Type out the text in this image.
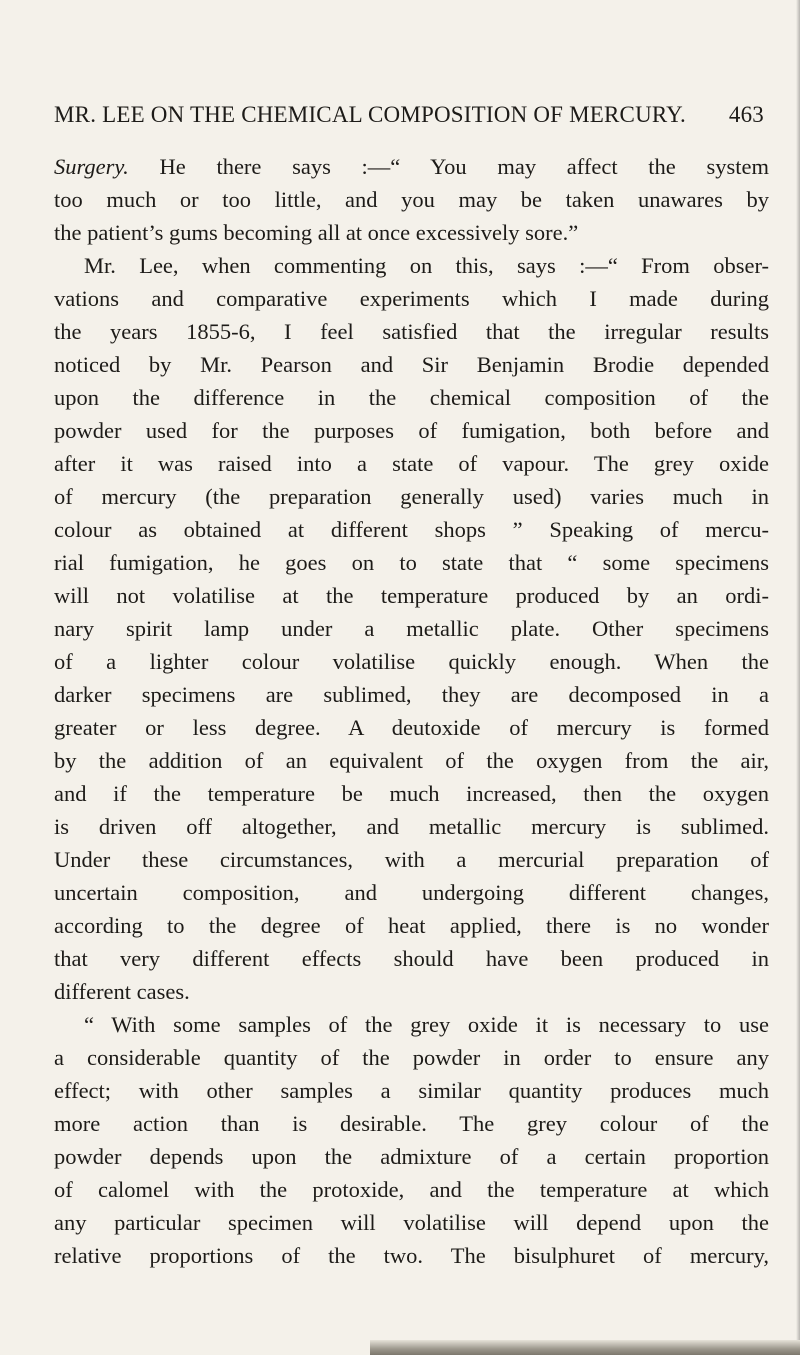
MR. LEE ON THE CHEMICAL COMPOSITION OF MERCURY. 463
Surgery. He there says :—“ You may affect the system
too much or too little, and you may be taken unawares by
the patient’s gums becoming all at once excessively sore.”
Mr. Lee, when commenting on this, says :—“ From obser-
vations and comparative experiments which I made during
the years 1855-6, I feel satisfied that the irregular results
noticed by Mr. Pearson and Sir Benjamin Brodie depended
upon the difference in the chemical composition of the
powder used for the purposes of fumigation, both before and
after it was raised into a state of vapour. The grey oxide
of mercury (the preparation generally used) varies much in
colour as obtained at different shops ” Speaking of mercu-
rial fumigation, he goes on to state that “ some specimens
will not volatilise at the temperature produced by an ordi-
nary spirit lamp under a metallic plate. Other specimens
of a lighter colour volatilise quickly enough. When the
darker specimens are sublimed, they are decomposed in a
greater or less degree. A deutoxide of mercury is formed
by the addition of an equivalent of the oxygen from the air,
and if the temperature be much increased, then the oxygen
is driven off altogether, and metallic mercury is sublimed.
Under these circumstances, with a mercurial preparation of
uncertain composition, and undergoing different changes,
according to the degree of heat applied, there is no wonder
that very different effects should have been produced in
different cases.
“ With some samples of the grey oxide it is necessary to use
a considerable quantity of the powder in order to ensure any
effect; with other samples a similar quantity produces much
more action than is desirable. The grey colour of the
powder depends upon the admixture of a certain proportion
of calomel with the protoxide, and the temperature at which
any particular specimen will volatilise will depend upon the
relative proportions of the two. The bisulphuret of mercury,
